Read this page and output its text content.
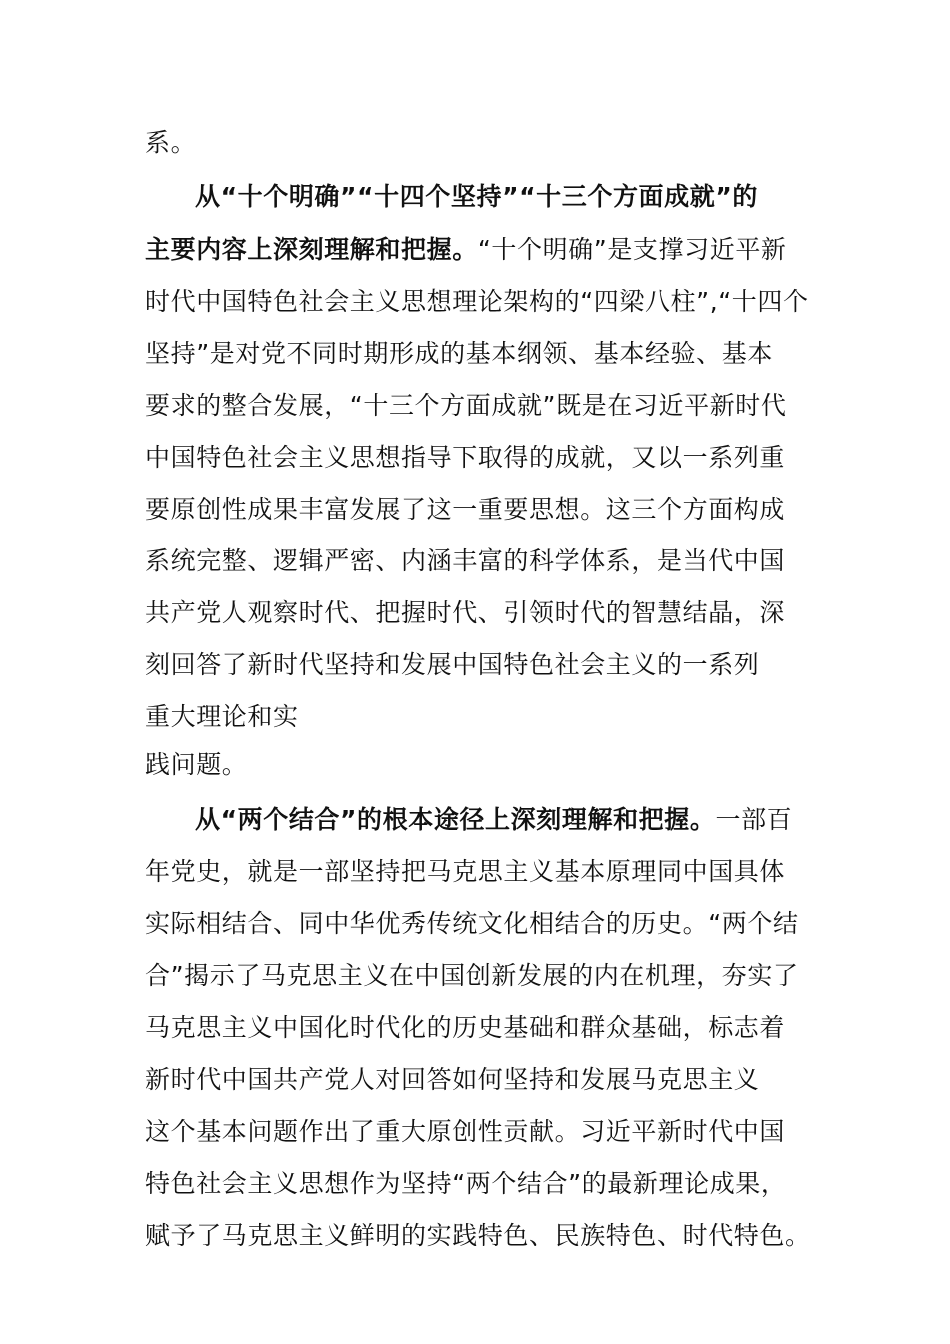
系。
从“十个明确”“十四个坚持”“十三个方面成就”的
主要内容上深刻理解和把握。“十个明确”是支撑习近平新
时代中国特色社会主义思想理论架构的“四梁八柱”,“十四个
坚持”是对党不同时期形成的基本纲领、基本经验、基本
要求的整合发展，“十三个方面成就”既是在习近平新时代
中国特色社会主义思想指导下取得的成就，又以一系列重
要原创性成果丰富发展了这一重要思想。这三个方面构成
系统完整、逻辑严密、内涵丰富的科学体系，是当代中国
共产党人观察时代、把握时代、引领时代的智慧结晶，深
刻回答了新时代坚持和发展中国特色社会主义的一系列
重大理论和实
践问题。
从“两个结合”的根本途径上深刻理解和把握。一部百
年党史，就是一部坚持把马克思主义基本原理同中国具体
实际相结合、同中华优秀传统文化相结合的历史。“两个结
合”揭示了马克思主义在中国创新发展的内在机理，夯实了
马克思主义中国化时代化的历史基础和群众基础，标志着
新时代中国共产党人对回答如何坚持和发展马克思主义
这个基本问题作出了重大原创性贡献。习近平新时代中国
特色社会主义思想作为坚持“两个结合”的最新理论成果，
赋予了马克思主义鲜明的实践特色、民族特色、时代特色。
